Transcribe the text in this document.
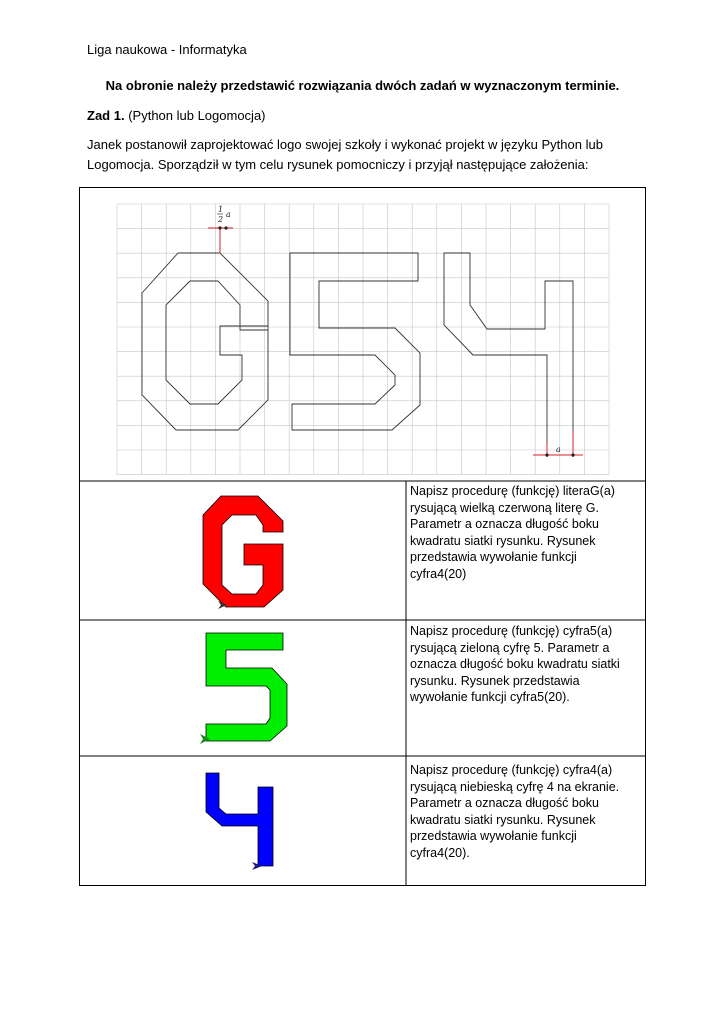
Liga naukowa - Informatyka
Na obronie należy przedstawić rozwiązania dwóch zadań w wyznaczonym terminie.
Zad 1. (Python lub Logomocja)
Janek postanowił zaprojektować logo swojej szkoły i wykonać projekt w języku Python lub
Logomocja. Sporządził w tym celu rysunek pomocniczy i przyjął następujące założenia:
1
2
a
a
Napisz procedurę (funkcję) literaG(a) rysującą wielką czerwoną literę G. Parametr a oznacza długość boku kwadratu siatki rysunku. Rysunek przedstawia wywołanie funkcji cyfra4(20)
Napisz procedurę (funkcję) cyfra5(a) rysującą zieloną cyfrę 5. Parametr a oznacza długość boku kwadratu siatki rysunku. Rysunek przedstawia wywołanie funkcji cyfra5(20).
Napisz procedurę (funkcję) cyfra4(a) rysującą niebieską cyfrę 4 na ekranie. Parametr a oznacza długość boku kwadratu siatki rysunku. Rysunek przedstawia wywołanie funkcji cyfra4(20).
